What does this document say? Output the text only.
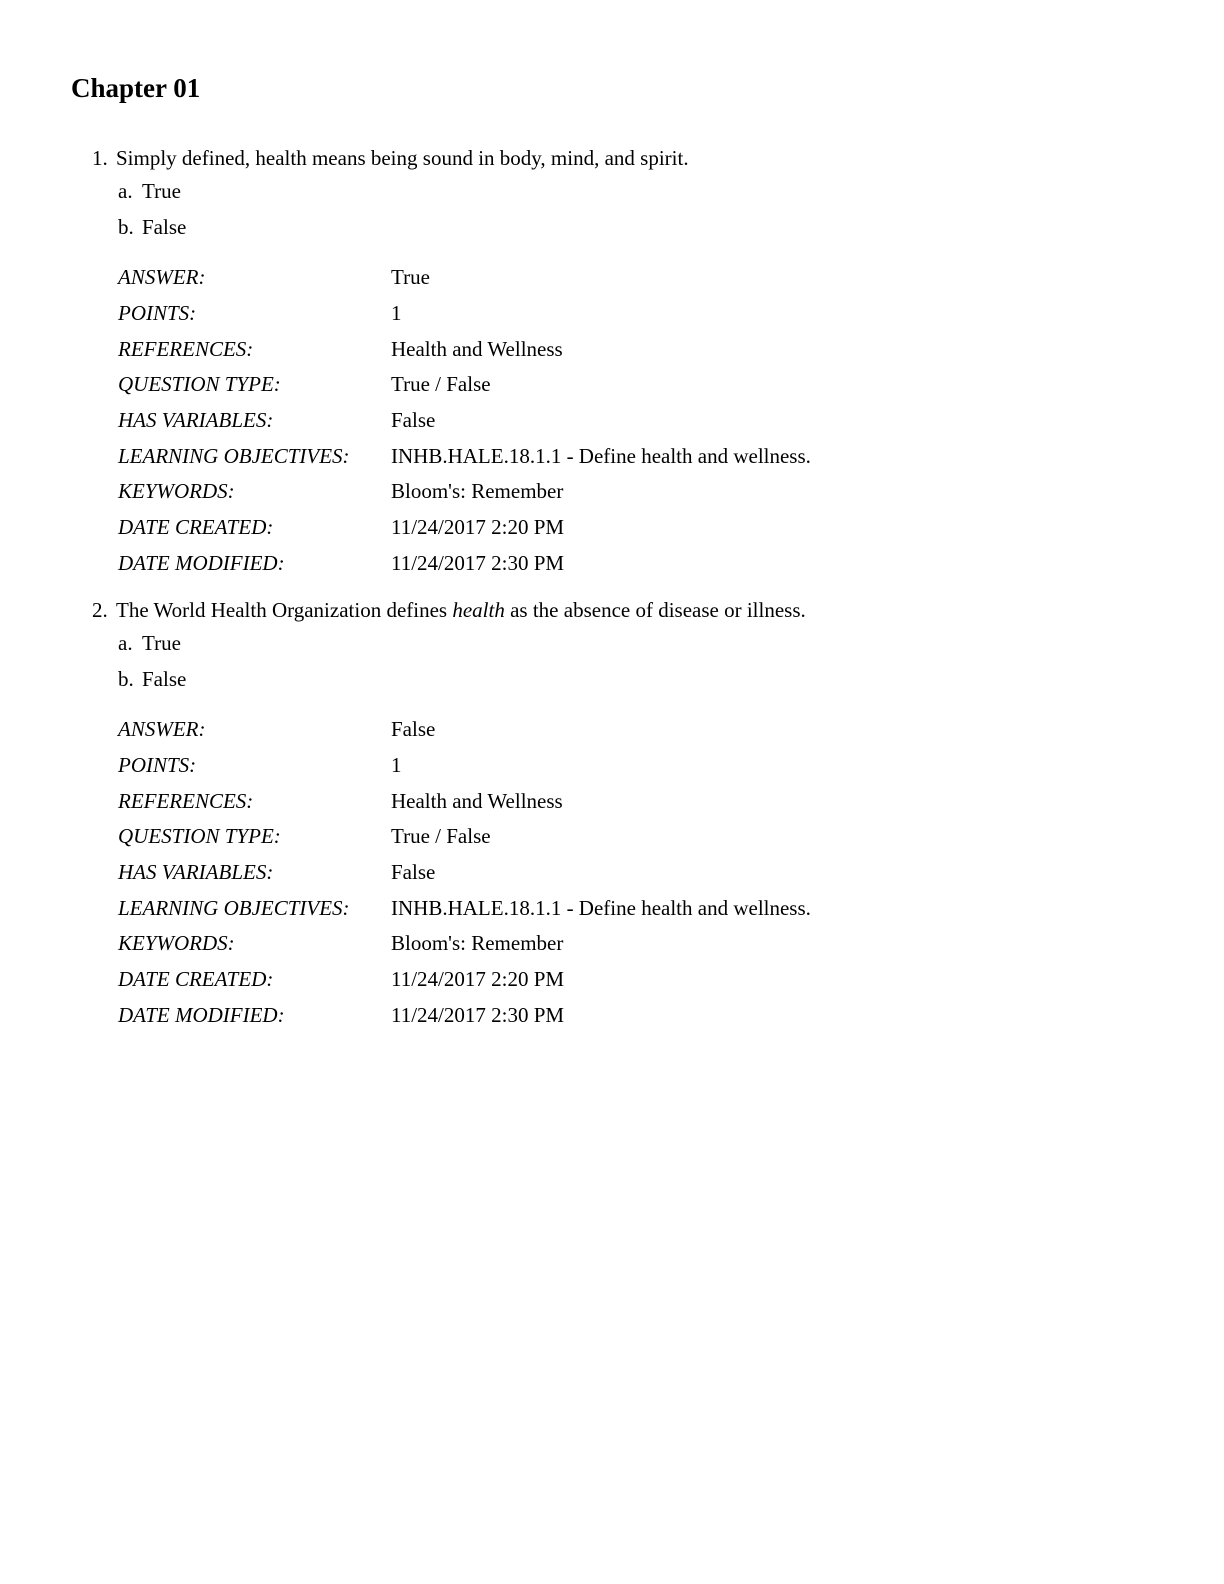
Chapter 01
1. Simply defined, health means being sound in body, mind, and spirit.
a. True
b. False
ANSWER:	True
POINTS:	1
REFERENCES:	Health and Wellness
QUESTION TYPE:	True / False
HAS VARIABLES:	False
LEARNING OBJECTIVES: INHB.HALE.18.1.1 - Define health and wellness.
KEYWORDS:	Bloom's: Remember
DATE CREATED:	11/24/2017 2:20 PM
DATE MODIFIED:	11/24/2017 2:30 PM
2. The World Health Organization defines health as the absence of disease or illness.
a. True
b. False
ANSWER:	False
POINTS:	1
REFERENCES:	Health and Wellness
QUESTION TYPE:	True / False
HAS VARIABLES:	False
LEARNING OBJECTIVES: INHB.HALE.18.1.1 - Define health and wellness.
KEYWORDS:	Bloom's: Remember
DATE CREATED:	11/24/2017 2:20 PM
DATE MODIFIED:	11/24/2017 2:30 PM
